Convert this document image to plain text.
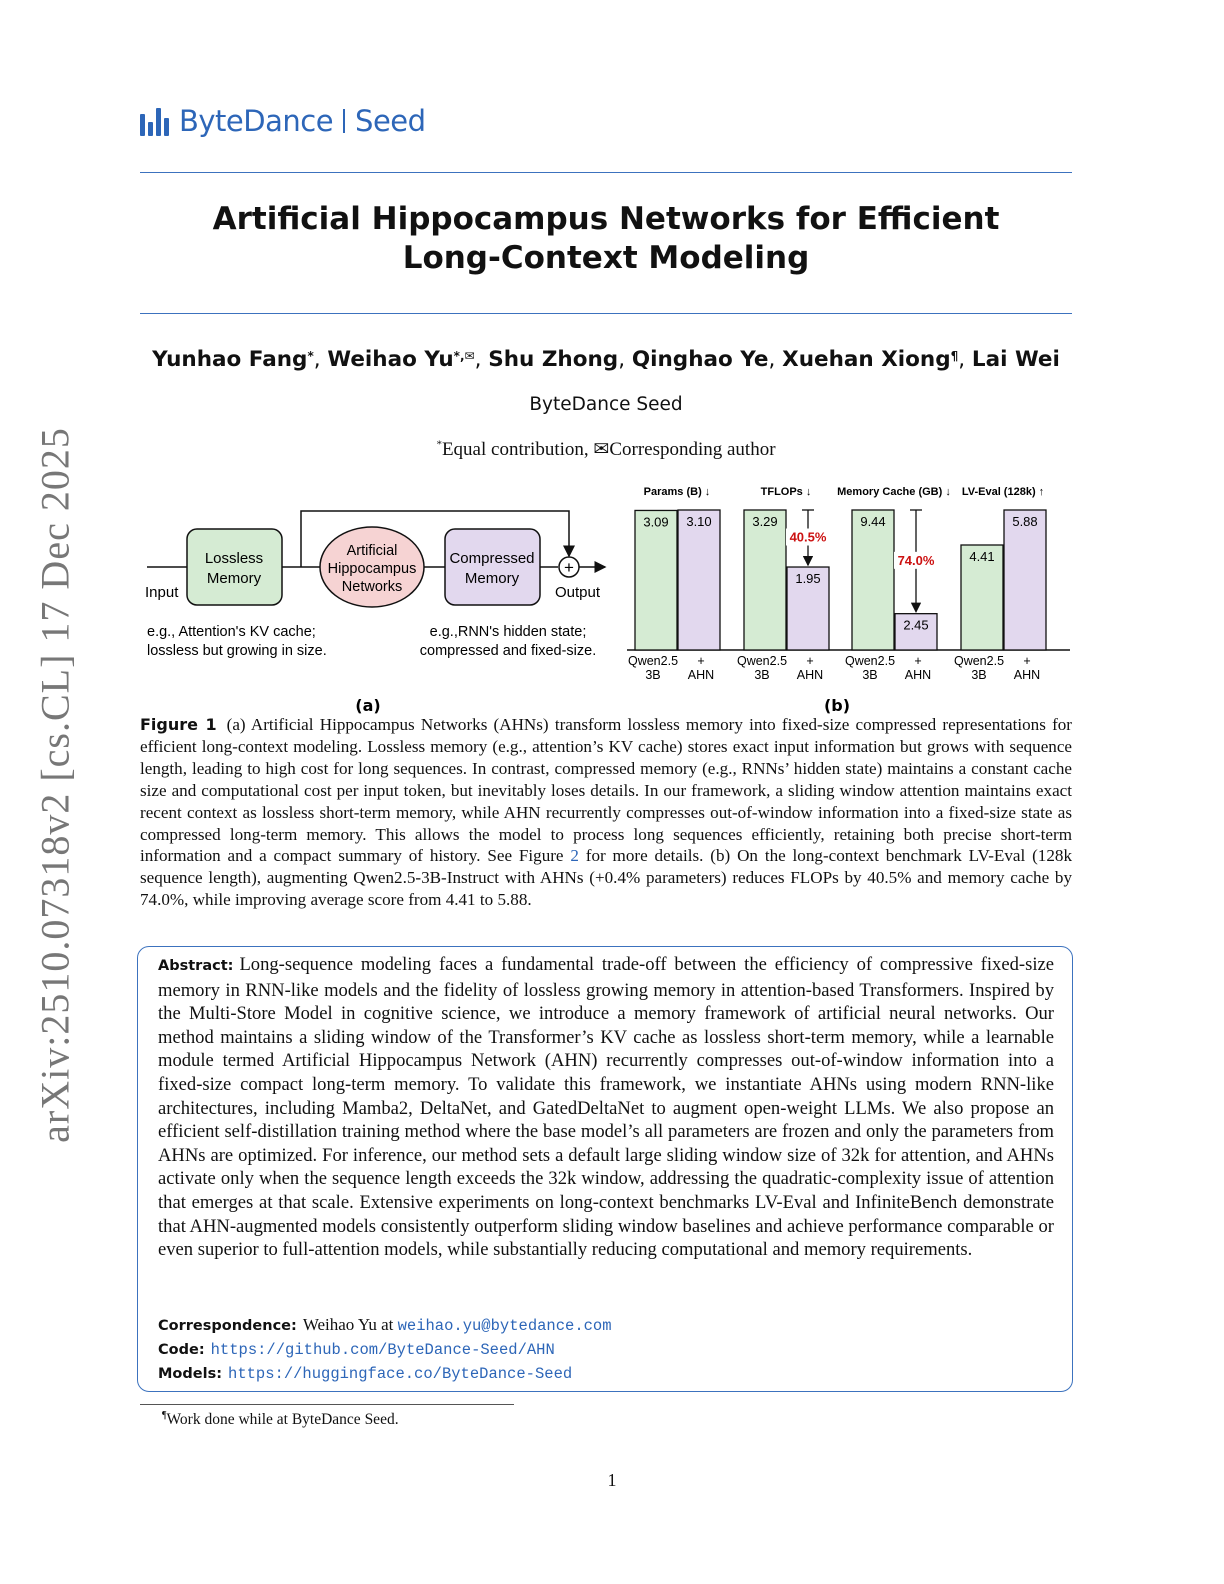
ByteDance Seed
Artificial Hippocampus Networks for Efficient
Long-Context Modeling
Yunhao Fang*, Weihao Yu*,✉, Shu Zhong, Qinghao Ye, Xuehan Xiong¶, Lai Wei
ByteDance Seed
*Equal contribution, ✉Corresponding author
arXiv:2510.07318v2 [cs.CL] 17 Dec 2025	Lossless
Memory
Artificial
Hippocampus
Networks
Compressed
Memory
+
Input	Output
e.g., Attention's KV cache;
lossless but growing in size.
e.g.,RNN's hidden state;
compressed and fixed-size.
(a)
Params (B) ↓
3.09
Qwen2.5
3B
3.10
+
AHN
TFLOPs ↓
3.29
Qwen2.5
3B
1.95
+
AHN
40.5%
Memory Cache (GB) ↓
9.44
Qwen2.5
3B
2.45
+
AHN
74.0%
LV-Eval (128k) ↑
4.41
Qwen2.5
3B
5.88
+
AHN
(b)
Figure 1 (a) Artificial Hippocampus Networks (AHNs) transform lossless memory into fixed-size compressed representations for efficient long-context modeling. Lossless memory (e.g., attention’s KV cache) stores exact input information but grows with sequence length, leading to high cost for long sequences. In contrast, compressed memory (e.g., RNNs’ hidden state) maintains a constant cache size and computational cost per input token, but inevitably loses details. In our framework, a sliding window attention maintains exact recent context as lossless short-term memory, while AHN recurrently compresses out-of-window information into a fixed-size state as compressed long-term memory. This allows the model to process long sequences efficiently, retaining both precise short-term information and a compact summary of history. See Figure 2 for more details. (b) On the long-context benchmark LV-Eval (128k sequence length), augmenting Qwen2.5-3B-Instruct with AHNs (+0.4% parameters) reduces FLOPs by 40.5% and memory cache by 74.0%, while improving average score from 4.41 to 5.88.
Abstract: Long-sequence modeling faces a fundamental trade-off between the efficiency of compressive fixed-size memory in RNN-like models and the fidelity of lossless growing memory in attention-based Transformers. Inspired by the Multi-Store Model in cognitive science, we introduce a memory framework of artificial neural networks. Our method maintains a sliding window of the Transformer’s KV cache as lossless short-term memory, while a learnable module termed Artificial Hippocampus Network (AHN) recurrently compresses out-of-window information into a fixed-size compact long-term memory. To validate this framework, we instantiate AHNs using modern RNN-like architectures, including Mamba2, DeltaNet, and GatedDeltaNet to augment open-weight LLMs. We also propose an efficient self-distillation training method where the base model’s all parameters are frozen and only the parameters from AHNs are optimized. For inference, our method sets a default large sliding window size of 32k for attention, and AHNs activate only when the sequence length exceeds the 32k window, addressing the quadratic-complexity issue of attention that emerges at that scale. Extensive experiments on long-context benchmarks LV-Eval and InfiniteBench demonstrate that AHN-augmented models consistently outperform sliding window baselines and achieve performance comparable or even superior to full-attention models, while substantially reducing computational and memory requirements.
Correspondence: Weihao Yu at weihao.yu@bytedance.com
Code: https://github.com/ByteDance-Seed/AHN
Models: https://huggingface.co/ByteDance-Seed
¶Work done while at ByteDance Seed.
1
